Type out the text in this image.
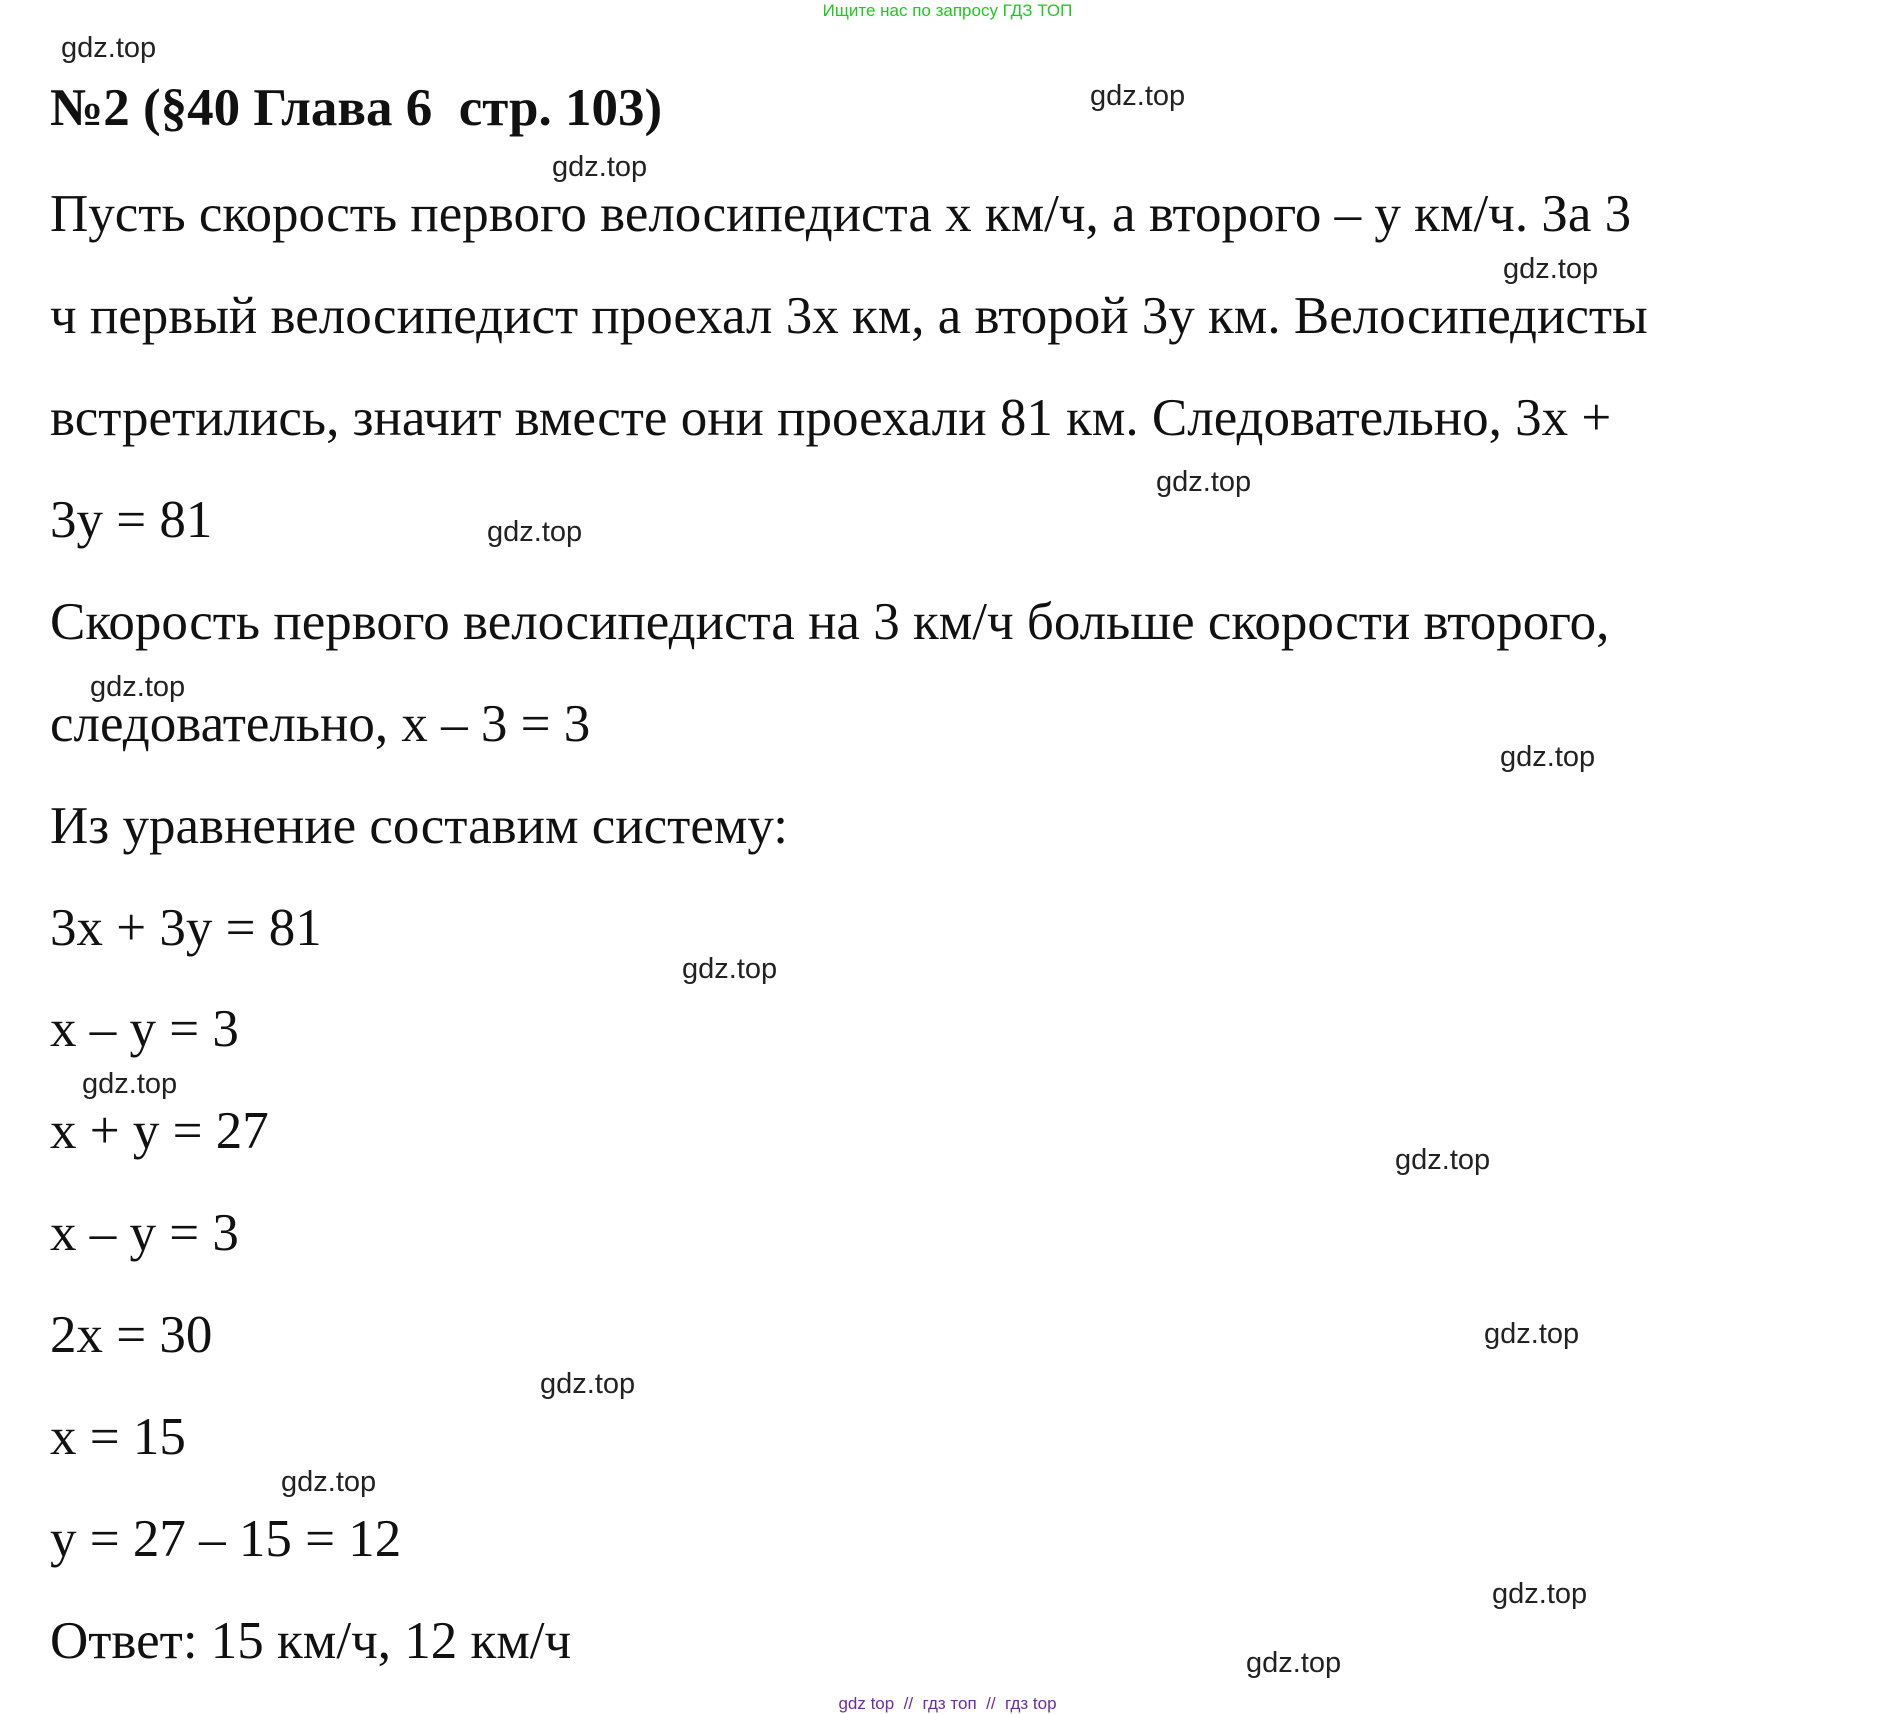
Ищите нас по запросу ГДЗ ТОП
gdz.top
gdz.top
gdz.top
gdz.top
gdz.top
gdz.top
gdz.top
gdz.top
gdz.top
gdz.top
gdz.top
gdz.top
gdz.top
gdz.top
gdz.top
gdz.top
№2 (§40 Глава 6  стр. 103)
Пусть скорость первого велосипедиста х км/ч, а второго – у км/ч. За 3
ч первый велосипедист проехал 3х км, а второй 3у км. Велосипедисты
встретились, значит вместе они проехали 81 км. Следовательно, 3х +
3у = 81
Скорость первого велосипедиста на 3 км/ч больше скорости второго,
следовательно, х – 3 = 3
Из уравнение составим систему:
3х + 3у = 81
х – у = 3
х + у = 27
х – у = 3
2х = 30
х = 15
у = 27 – 15 = 12
Ответ: 15 км/ч, 12 км/ч
gdz top  //  гдз топ  //  гдз top
